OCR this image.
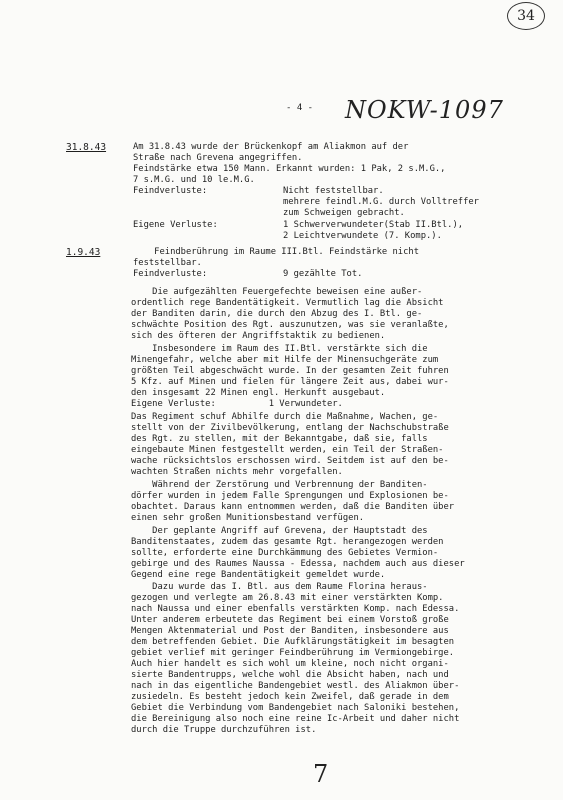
34
- 4 - NOKW-1097
31.8.43	Am 31.8.43 wurde der Brückenkopf am Aliakmon auf der
Straße nach Grevena angegriffen.
Feindstärke etwa 150 Mann. Erkannt wurden: 1 Pak, 2 s.M.G.,
7 s.M.G. und 10 le.M.G.
Feindverluste:	Nicht feststellbar.
mehrere feindl.M.G. durch Volltreffer
zum Schweigen gebracht.
Eigene Verluste:	1 Schwerverwundeter(Stab II.Btl.),
2 Leichtverwundete (7. Komp.).
1.9.43	Feindberührung im Raume III.Btl. Feindstärke nicht
feststellbar.
Feindverluste:	9 gezählte Tot.

Die aufgezählten Feuergefechte beweisen eine außer-

ordentlich rege Bandentätigkeit. Vermutlich lag die Absicht

der Banditen darin, die durch den Abzug des I. Btl. ge-

schwächte Position des Rgt. auszunutzen, was sie veranlaßte,

sich des öfteren der Angriffstaktik zu bedienen.

Insbesondere im Raum des II.Btl. verstärkte sich die

Minengefahr, welche aber mit Hilfe der Minensuchgeräte zum

größten Teil abgeschwächt wurde. In der gesamten Zeit fuhren

5 Kfz. auf Minen und fielen für längere Zeit aus, dabei wur-

den insgesamt 22 Minen engl. Herkunft ausgebaut.

Eigene Verluste:          1 Verwundeter.

Das Regiment schuf Abhilfe durch die Maßnahme, Wachen, ge-

stellt von der Zivilbevölkerung, entlang der Nachschubstraße

des Rgt. zu stellen, mit der Bekanntgabe, daß sie, falls

eingebaute Minen festgestellt werden, ein Teil der Straßen-

wache rücksichtslos erschossen wird. Seitdem ist auf den be-

wachten Straßen nichts mehr vorgefallen.

Während der Zerstörung und Verbrennung der Banditen-

dörfer wurden in jedem Falle Sprengungen und Explosionen be-

obachtet. Daraus kann entnommen werden, daß die Banditen über

einen sehr großen Munitionsbestand verfügen.

Der geplante Angriff auf Grevena, der Hauptstadt des

Banditenstaates, zudem das gesamte Rgt. herangezogen werden

sollte, erforderte eine Durchkämmung des Gebietes Vermion-

gebirge und des Raumes Naussa - Edessa, nachdem auch aus dieser

Gegend eine rege Bandentätigkeit gemeldet wurde.

Dazu wurde das I. Btl. aus dem Raume Florina heraus-

gezogen und verlegte am 26.8.43 mit einer verstärkten Komp.

nach Naussa und einer ebenfalls verstärkten Komp. nach Edessa.

Unter anderem erbeutete das Regiment bei einem Vorstoß große

Mengen Aktenmaterial und Post der Banditen, insbesondere aus

dem betreffenden Gebiet. Die Aufklärungstätigkeit im besagten

gebiet verlief mit geringer Feindberührung im Vermiongebirge.

Auch hier handelt es sich wohl um kleine, noch nicht organi-

sierte Bandentrupps, welche wohl die Absicht haben, nach und

nach in das eigentliche Bandengebiet westl. des Aliakmon über-

zusiedeln. Es besteht jedoch kein Zweifel, daß gerade in dem

Gebiet die Verbindung vom Bandengebiet nach Saloniki bestehen,

die Bereinigung also noch eine reine Ic-Arbeit und daher nicht

durch die Truppe durchzuführen ist.

7
